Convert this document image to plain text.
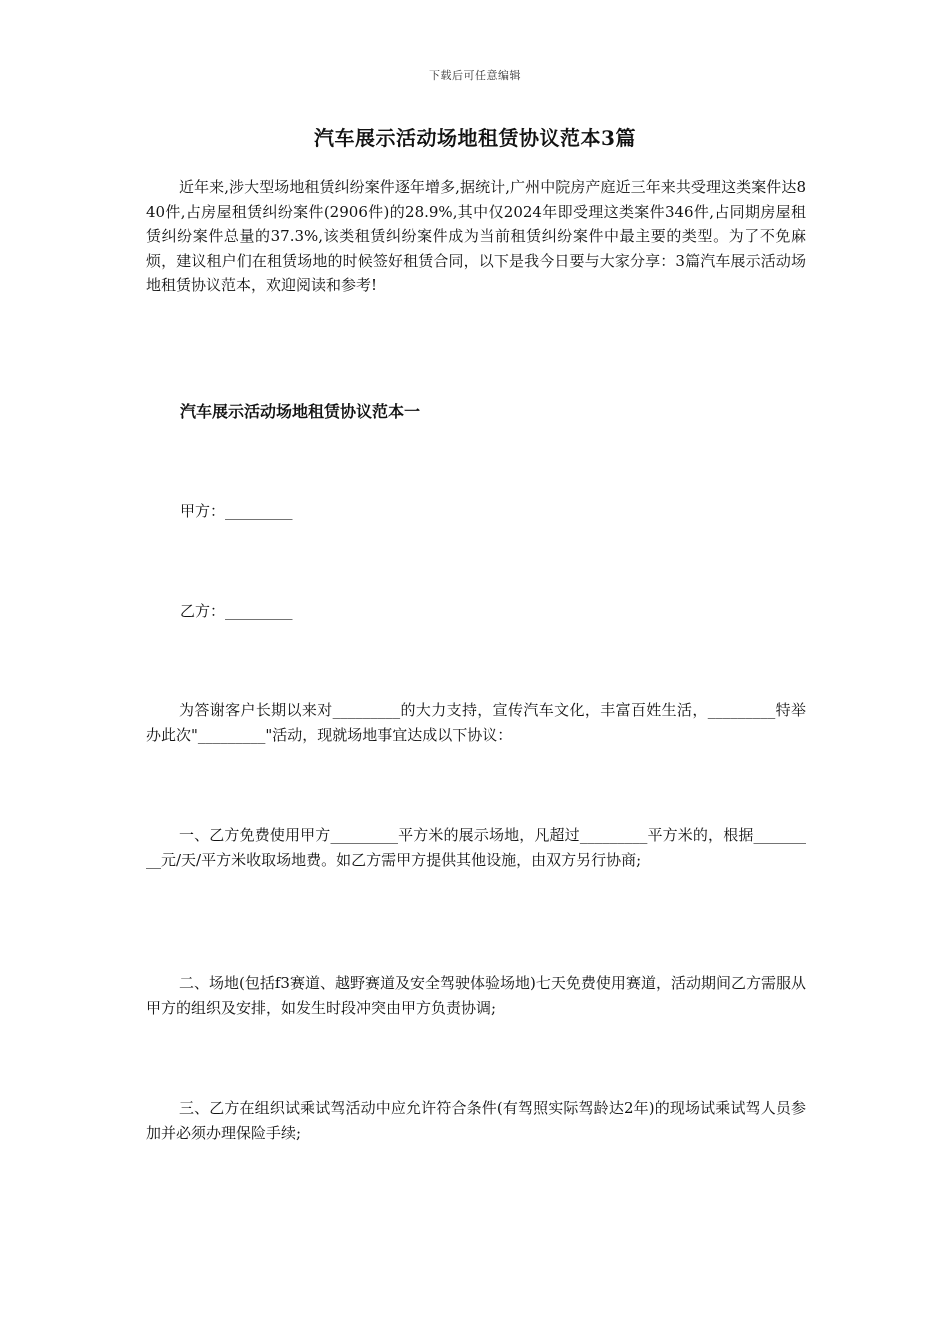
下载后可任意编辑
汽车展示活动场地租赁协议范本3篇
近年来,涉大型场地租赁纠纷案件逐年增多,据统计,广州中院房产庭近三年来共受理这类案件达840件,占房屋租赁纠纷案件(2906件)的28.9%,其中仅2024年即受理这类案件346件,占同期房屋租赁纠纷案件总量的37.3%,该类租赁纠纷案件成为当前租赁纠纷案件中最主要的类型。为了不免麻烦，建议租户们在租赁场地的时候签好租赁合同，以下是我今日要与大家分享：3篇汽车展示活动场地租赁协议范本，欢迎阅读和参考!
汽车展示活动场地租赁协议范本一
甲方：_________
乙方：_________
为答谢客户长期以来对_________的大力支持，宣传汽车文化，丰富百姓生活，_________特举办此次"_________"活动，现就场地事宜达成以下协议：
一、乙方免费使用甲方_________平方米的展示场地，凡超过_________平方米的，根据_________元/天/平方米收取场地费。如乙方需甲方提供其他设施，由双方另行协商;
二、场地(包括f3赛道、越野赛道及安全驾驶体验场地)七天免费使用赛道，活动期间乙方需服从甲方的组织及安排，如发生时段冲突由甲方负责协调;
三、乙方在组织试乘试驾活动中应允许符合条件(有驾照实际驾龄达2年)的现场试乘试驾人员参加并必须办理保险手续;
